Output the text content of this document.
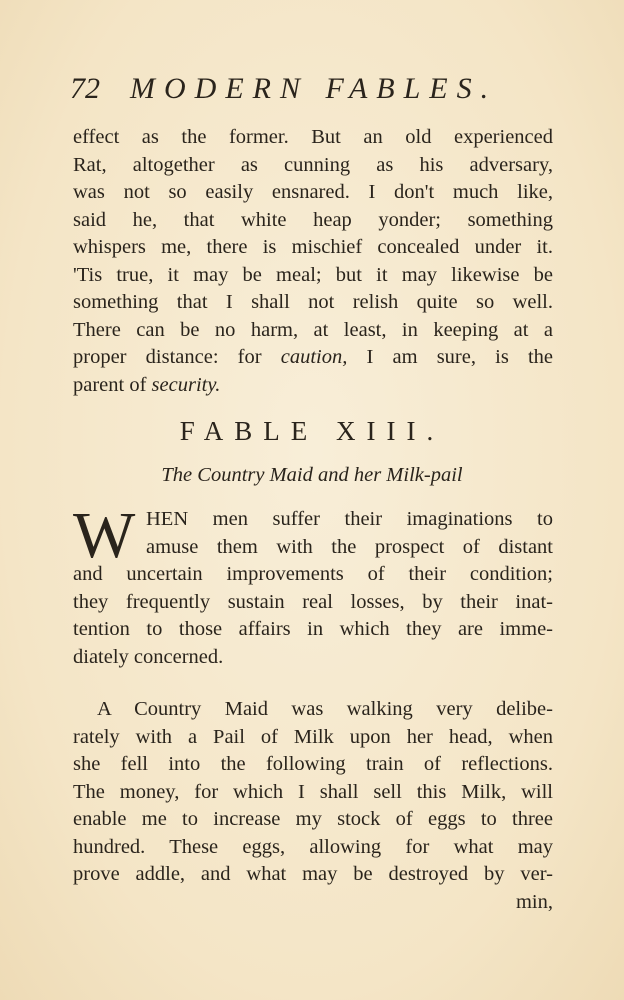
72 MODERN FABLES.
effect as the former. But an old experienced
Rat, altogether as cunning as his adversary,
was not so easily ensnared. I don't much like,
said he, that white heap yonder; something
whispers me, there is mischief concealed under it.
'Tis true, it may be meal; but it may likewise be
something that I shall not relish quite so well.
There can be no harm, at least, in keeping at a
proper distance: for caution, I am sure, is the
parent of security.
FABLE XIII.
The Country Maid and her Milk-pail
W HEN men suffer their imaginations to
amuse them with the prospect of distant
and uncertain improvements of their condition;
they frequently sustain real losses, by their inat-
tention to those affairs in which they are imme-
diately concerned.
A Country Maid was walking very delibe-
rately with a Pail of Milk upon her head, when
she fell into the following train of reflections.
The money, for which I shall sell this Milk, will
enable me to increase my stock of eggs to three
hundred. These eggs, allowing for what may
prove addle, and what may be destroyed by ver-
min,
